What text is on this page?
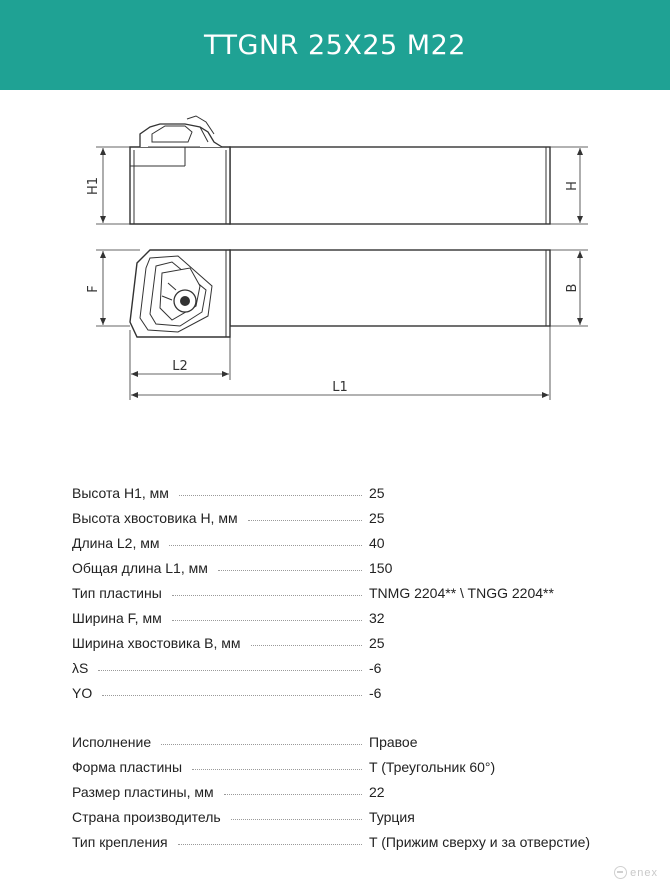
TTGNR 25X25 M22
H1	H
F	B
L2
L1
Высота H1, мм	25
Высота хвостовика H, мм	25
Длина L2, мм	40
Общая длина L1, мм	150
Тип пластины	TNMG 2204** \ TNGG 2204**
Ширина F, мм	32
Ширина хвостовика B, мм	25
λS	-6
YO	-6
Исполнение	Правое
Форма пластины	T (Треугольник 60°)
Размер пластины, мм	22
Страна производитель	Турция
Тип крепления	T (Прижим сверху и за отверстие)
enex
